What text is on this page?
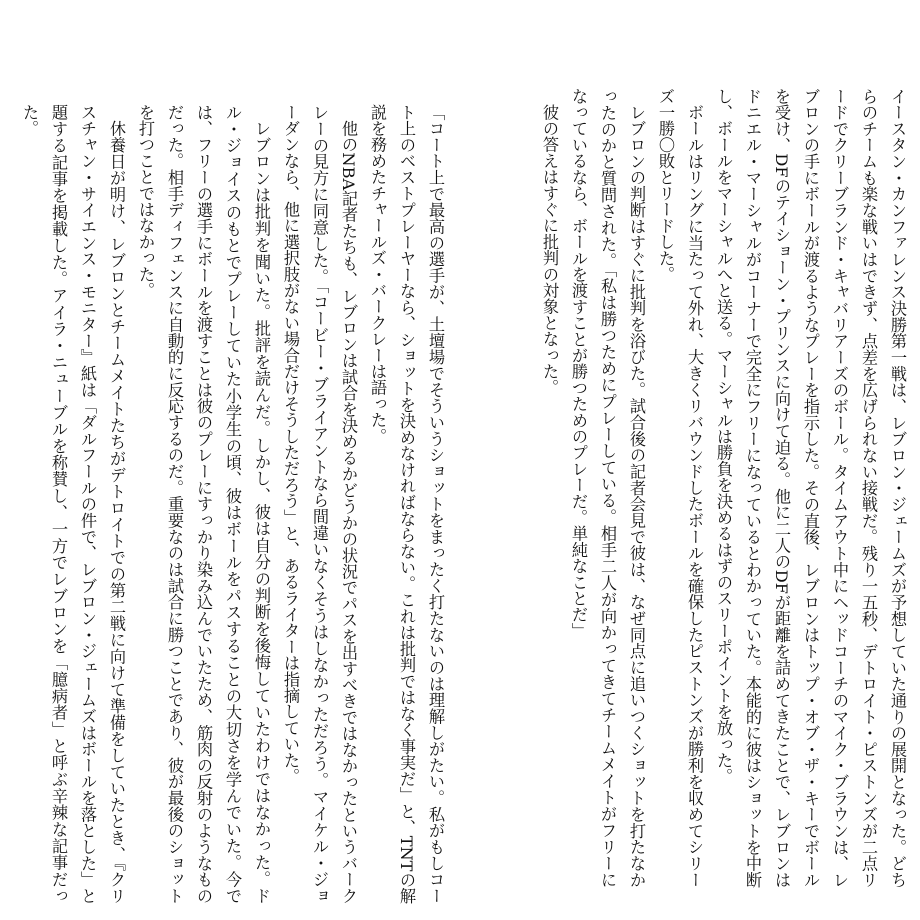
「コート上で最高の選手が、土壇場でそういうショットをまったく打たないのは理解しがたい。私がもしコート上のベストプレーヤーなら、ショットを決めなければならない。これは批判ではなく事実だ」と、TNTの解説を務めたチャールズ・バークレーは語った。

他のNBA記者たちも、レブロンは試合を決めるかどうかの状況でパスを出すべきではなかったというバークレーの見方に同意した。「コービー・ブライアントなら間違いなくそうはしなかっただろう。マイケル・ジョーダンなら、他に選択肢がない場合だけそうしただろう」と、あるライターは指摘していた。

レブロンは批判を聞いた。批評を読んだ。しかし、彼は自分の判断を後悔していたわけではなかった。ドル・ジョイスのもとでプレーしていた小学生の頃、彼はボールをパスすることの大切さを学んでいた。今では、フリーの選手にボールを渡すことは彼のプレーにすっかり染み込んでいたため、筋肉の反射のようなものだった。相手ディフェンスに自動的に反応するのだ。重要なのは試合に勝つことであり、彼が最後のショットを打つことではなかった。

休養日が明け、レブロンとチームメイトたちがデトロイトでの第二戦に向けて準備をしていたとき、『クリスチャン・サイエンス・モニター』紙は「ダルフールの件で、レブロン・ジェームズはボールを落とした」と題する記事を掲載した。アイラ・ニューブルを称賛し、一方でレブロンを「臆病者」と呼ぶ辛辣な記事だった。	イースタン・カンファレンス決勝第一戦は、レブロン・ジェームズが予想していた通りの展開となった。どちらのチームも楽な戦いはできず、点差を広げられない接戦だ。残り一五秒、デトロイト・ピストンズが二点リードでクリーブランド・キャバリアーズのボール。タイムアウト中にヘッドコーチのマイク・ブラウンは、レブロンの手にボールが渡るようなプレーを指示した。その直後、レブロンはトップ・オブ・ザ・キーでボールを受け、DFのテイショーン・プリンスに向けて迫る。他に二人のDFが距離を詰めてきたことで、レブロンはドニエル・マーシャルがコーナーで完全にフリーになっているとわかっていた。本能的に彼はショットを中断し、ボールをマーシャルへと送る。マーシャルは勝負を決めるはずのスリーポイントを放った。

ボールはリングに当たって外れ、大きくリバウンドしたボールを確保したピストンズが勝利を収めてシリーズ一勝〇敗とリードした。

レブロンの判断はすぐに批判を浴びた。試合後の記者会見で彼は、なぜ同点に追いつくショットを打たなかったのかと質問された。「私は勝つためにプレーしている。相手二人が向かってきてチームメイトがフリーになっているなら、ボールを渡すことが勝つためのプレーだ。単純なことだ」

彼の答えはすぐに批判の対象となった。
